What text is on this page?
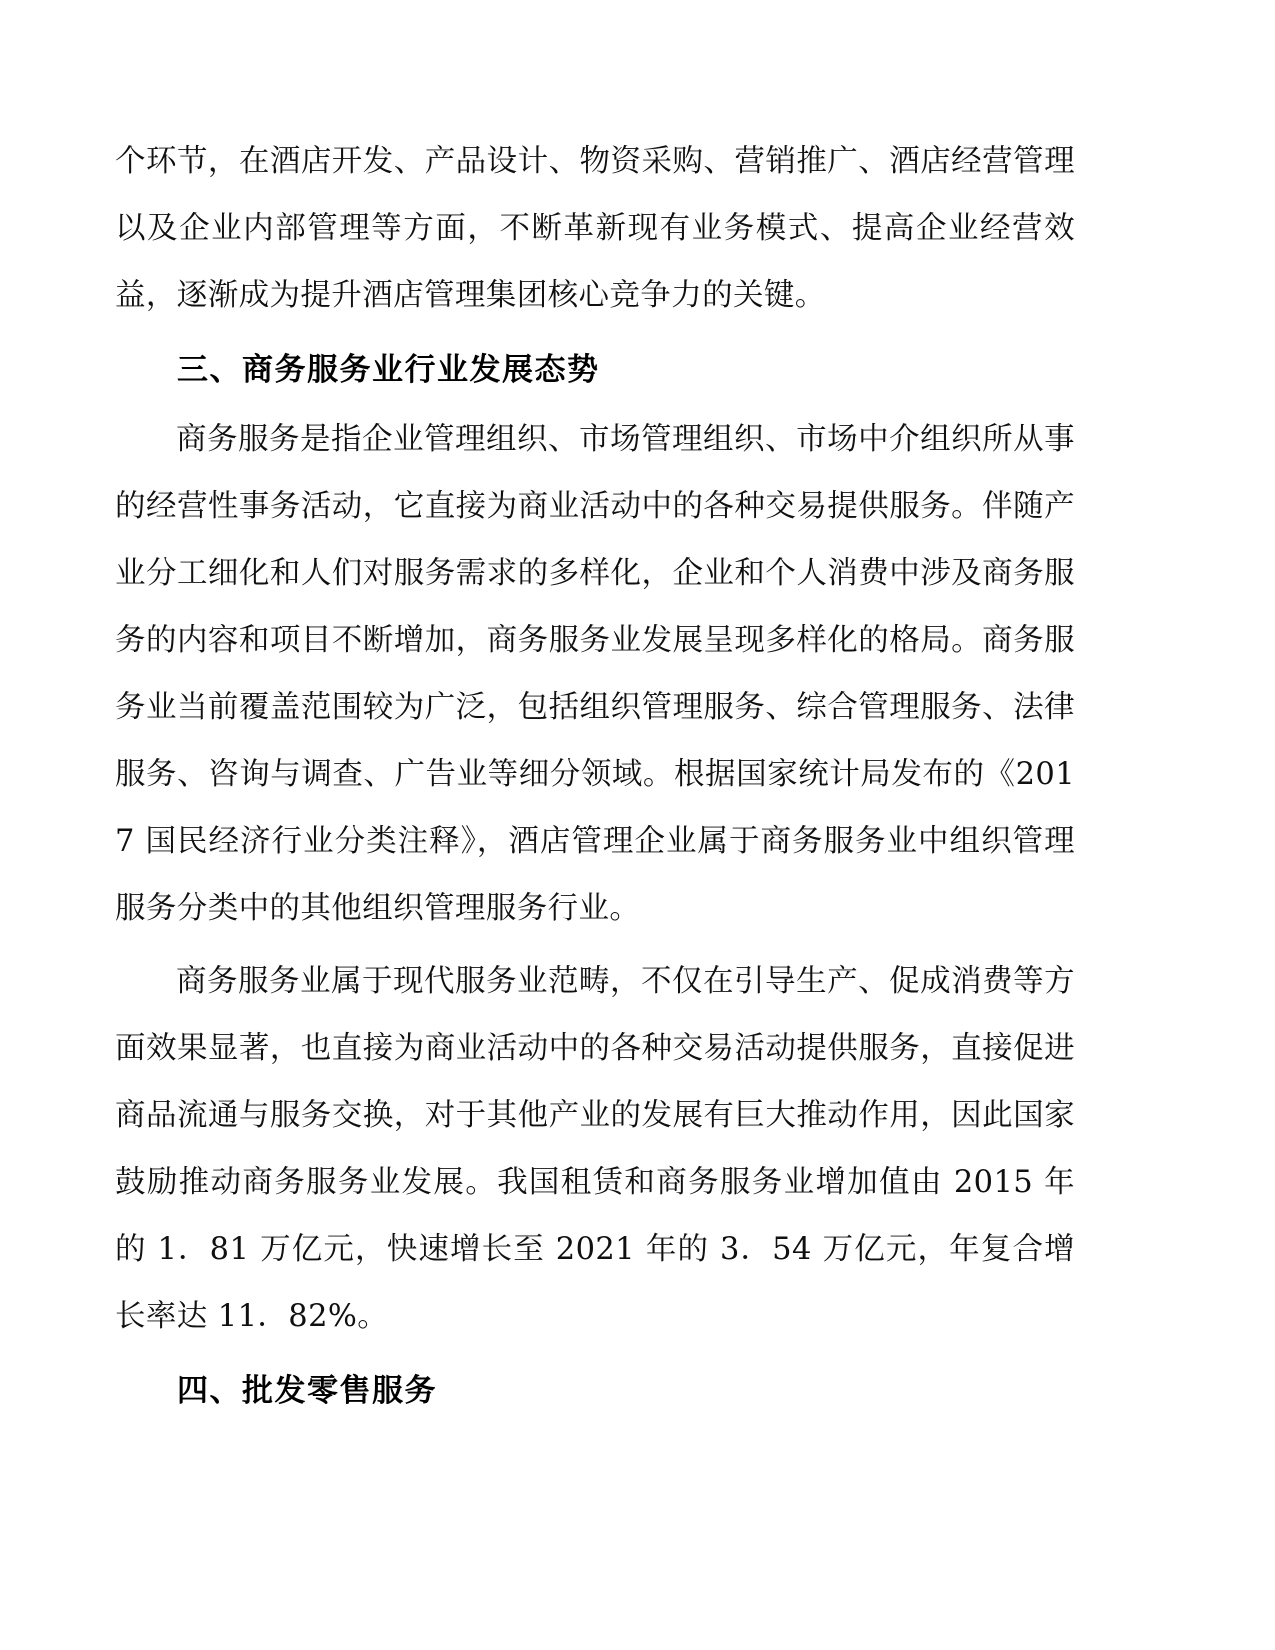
个环节，在酒店开发、产品设计、物资采购、营销推广、酒店经营管理以及企业内部管理等方面，不断革新现有业务模式、提高企业经营效益，逐渐成为提升酒店管理集团核心竞争力的关键。

三、商务服务业行业发展态势

商务服务是指企业管理组织、市场管理组织、市场中介组织所从事的经营性事务活动，它直接为商业活动中的各种交易提供服务。伴随产业分工细化和人们对服务需求的多样化，企业和个人消费中涉及商务服务的内容和项目不断增加，商务服务业发展呈现多样化的格局。商务服务业当前覆盖范围较为广泛，包括组织管理服务、综合管理服务、法律服务、咨询与调查、广告业等细分领域。根据国家统计局发布的《2017 国民经济行业分类注释》，酒店管理企业属于商务服务业中组织管理服务分类中的其他组织管理服务行业。

商务服务业属于现代服务业范畴，不仅在引导生产、促成消费等方面效果显著，也直接为商业活动中的各种交易活动提供服务，直接促进商品流通与服务交换，对于其他产业的发展有巨大推动作用，因此国家鼓励推动商务服务业发展。我国租赁和商务服务业增加值由 2015 年的 1．81 万亿元，快速增长至 2021 年的 3．54 万亿元，年复合增长率达 11．82%。

四、批发零售服务
